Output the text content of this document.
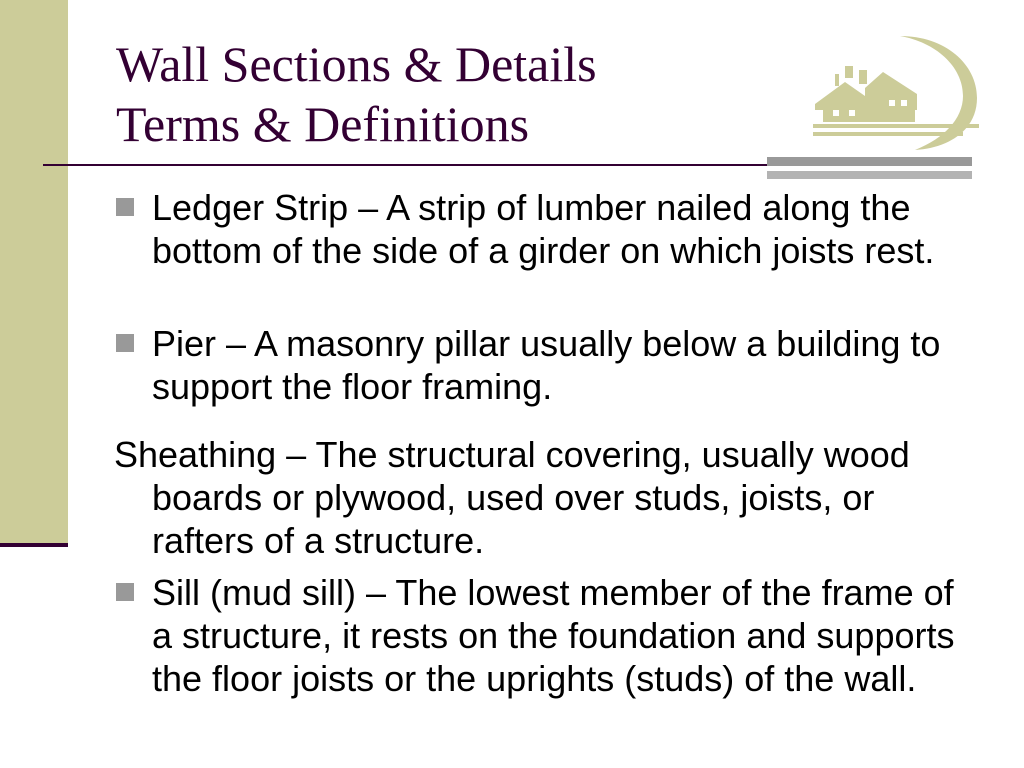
Wall Sections & Details
Terms & Definitions
Ledger Strip – A strip of lumber nailed along the bottom of the side of a girder on which joists rest.
Pier – A masonry pillar usually below a building to support the floor framing.
Sheathing – The structural covering, usually wood boards or plywood, used over studs, joists, or rafters of a structure.
Sill (mud sill) – The lowest member of the frame of a structure, it rests on the foundation and supports the floor joists or the uprights (studs) of the wall.
